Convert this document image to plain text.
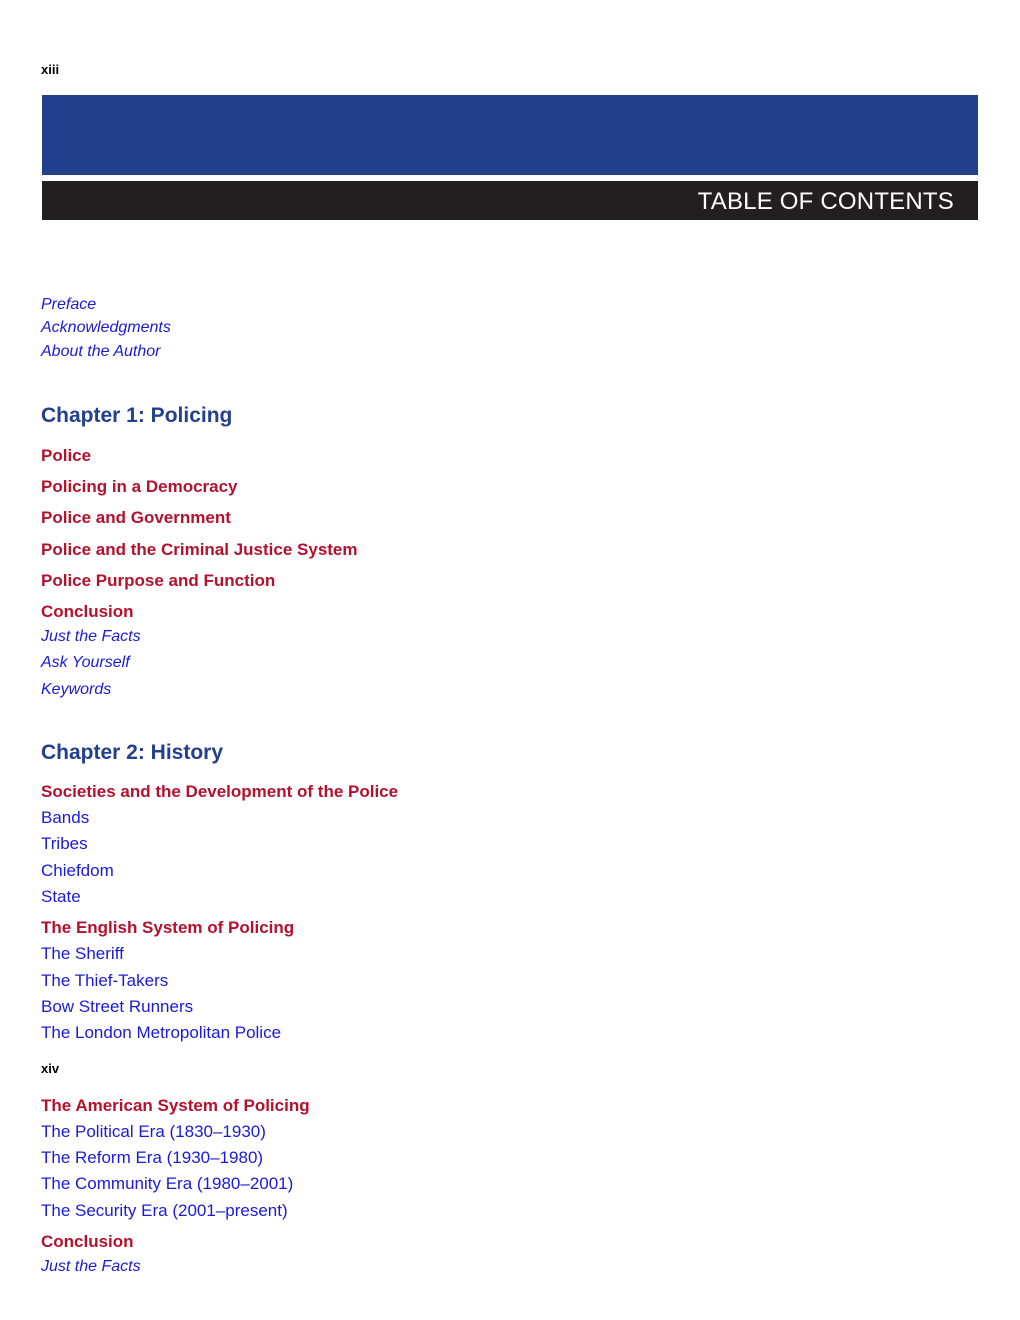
xiii
TABLE OF CONTENTS
Preface
Acknowledgments
About the Author
Chapter 1: Policing
Police
Policing in a Democracy
Police and Government
Police and the Criminal Justice System
Police Purpose and Function
Conclusion
Just the Facts
Ask Yourself
Keywords
Chapter 2: History
Societies and the Development of the Police
Bands
Tribes
Chiefdom
State
The English System of Policing
The Sheriff
The Thief-Takers
Bow Street Runners
The London Metropolitan Police
The American System of Policing
The Political Era (1830–1930)
The Reform Era (1930–1980)
The Community Era (1980–2001)
The Security Era (2001–present)
Conclusion
Just the Facts
xiv
